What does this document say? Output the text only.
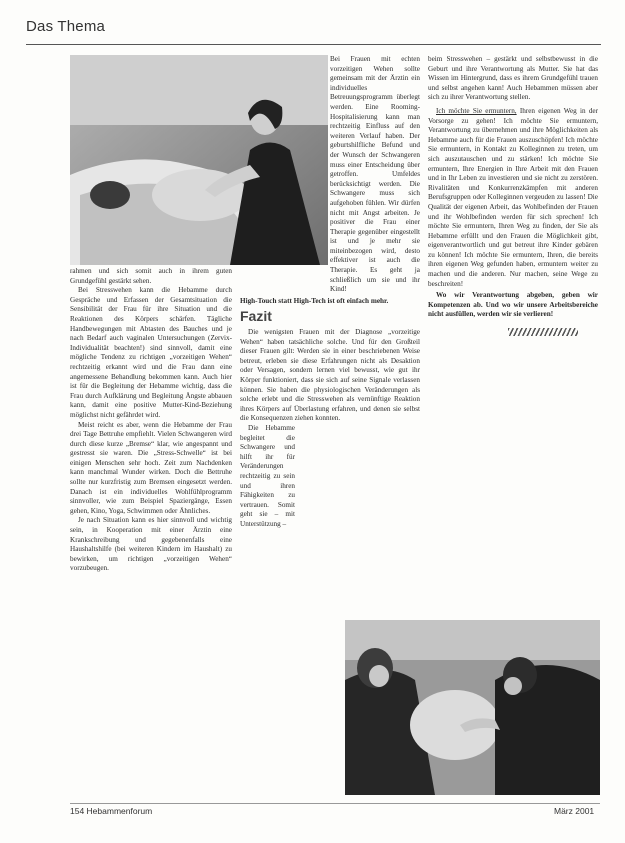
Das Thema

rahmen und sich somit auch in ihrem guten Grundgefühl gestärkt sehen.

Bei Stresswehen kann die Hebamme durch Gespräche und Erfassen der Gesamtsituation die Sensibilität der Frau für ihre Situation und die Reaktionen des Körpers schärfen. Tägliche Handbewegungen mit Abtasten des Bauches und je nach Bedarf auch vaginalen Untersuchungen (Zervix-Individualität beachten!) sind sinnvoll, damit eine mögliche Tendenz zu richtigen „vorzeitigen Wehen“ rechtzeitig erkannt wird und die Frau dann eine angemessene Behandlung bekommen kann. Auch hier ist für die Begleitung der Hebamme wichtig, dass die Frau durch Aufklärung und Begleitung Ängste abbauen kann, damit eine positive Mutter-Kind-Beziehung möglichst nicht gefährdet wird.

Meist reicht es aber, wenn die Hebamme der Frau drei Tage Bettruhe empfiehlt. Vielen Schwangeren wird durch diese kurze „Bremse“ klar, wie angespannt und gestresst sie waren. Die „Stress-Schwelle“ ist bei einigen Menschen sehr hoch. Zeit zum Nachdenken kann manchmal Wunder wirken. Doch die Bettruhe sollte nur kurzfristig zum Bremsen eingesetzt werden. Danach ist ein individuelles Wohlfühlprogramm sinnvoller, wie zum Beispiel Spaziergänge, Essen gehen, Kino, Yoga, Schwimmen oder Ähnliches.

Je nach Situation kann es hier sinnvoll und wichtig sein, in Kooperation mit einer Ärztin eine Krankschreibung und gegebenenfalls eine Haushaltshilfe (bei weiteren Kindern im Haushalt) zu bewirken, um richtigen „vorzeitigen Wehen“ vorzubeugen.

Bei Frauen mit echten vorzeitigen Wehen sollte gemeinsam mit der Ärztin ein individuelles Betreuungsprogramm überlegt werden. Eine Rooming-Hospitalisierung kann man rechtzeitig Einfluss auf den weiteren Verlauf haben. Der geburtshilfliche Befund und der Wunsch der Schwangeren muss einer Entscheidung über getroffen. Umfeldes berücksichtigt werden. Die Schwangere muss sich aufgehoben fühlen. Wir dürfen nicht mit Angst arbeiten. Je positiver die Frau einer Therapie gegenüber eingestellt ist und je mehr sie miteinbezogen wird, desto effektiver ist auch die Therapie. Es geht ja schließlich um sie und ihr Kind!

High-Touch statt High-Tech ist oft einfach mehr.

Fazit

Die wenigsten Frauen mit der Diagnose „vorzeitige Wehen“ haben tatsächliche solche. Und für den Großteil dieser Frauen gilt: Werden sie in einer beschriebenen Weise betreut, erleben sie diese Erfahrungen nicht als Desaktion oder Versagen, sondern lernen viel bewusst, wie gut ihr Körper funktioniert, dass sie sich auf seine Signale verlassen können. Sie haben die physiologischen Veränderungen als solche erlebt und die Stresswehen als vernünftige Reaktion ihres Körpers auf Überlastung erfahren, und denen sie selbst die Konsequenzen ziehen konnten.

Die Hebamme begleitet die Schwangere und hilft ihr für Veränderungen rechtzeitig zu sein und ihren Fähigkeiten zu vertrauen. Somit geht sie – mit Unterstützung –

beim Stresswehen – gestärkt und selbstbewusst in die Geburt und ihre Verantwortung als Mutter. Sie hat das Wissen im Hintergrund, dass es ihrem Grundgefühl trauen und selbst angehen kann! Auch Hebammen müssen aber sich zu ihrer Verantwortung stellen.

Ich möchte Sie ermuntern, Ihren eigenen Weg in der Vorsorge zu gehen! Ich möchte Sie ermuntern, Verantwortung zu übernehmen und ihre Möglichkeiten als Hebamme auch für die Frauen auszuschöpfen! Ich möchte Sie ermuntern, in Kontakt zu Kolleginnen zu treten, um sich auszutauschen und zu stärken! Ich möchte Sie ermuntern, Ihre Energien in Ihre Arbeit mit den Frauen und in Ihr Leben zu investieren und sie nicht zu zerstören. Rivalitäten und Konkurrenzkämpfen mit anderen Berufsgruppen oder Kolleginnen vergeuden zu lassen! Die Qualität der eigenen Arbeit, das Wohlbefinden der Frauen und ihr Wohlbefinden werden für sich sprechen! Ich möchte Sie ermuntern, Ihren Weg zu finden, der Sie als Hebamme erfüllt und den Frauen die Möglichkeit gibt, eigenverantwortlich und gut betreut ihre Kinder gebären zu können! Ich möchte Sie ermuntern, Ihren, die bereits ihren eigenen Weg gefunden haben, ermuntern weiter zu machen und die anderen. Nur machen, seine Wege zu beschreiten!

Wo wir Verantwortung abgeben, geben wir Kompetenzen ab. Und wo wir unsere Arbeitsbereiche nicht ausfüllen, werden wir sie verlieren!

154 Hebammenforum	März 2001
